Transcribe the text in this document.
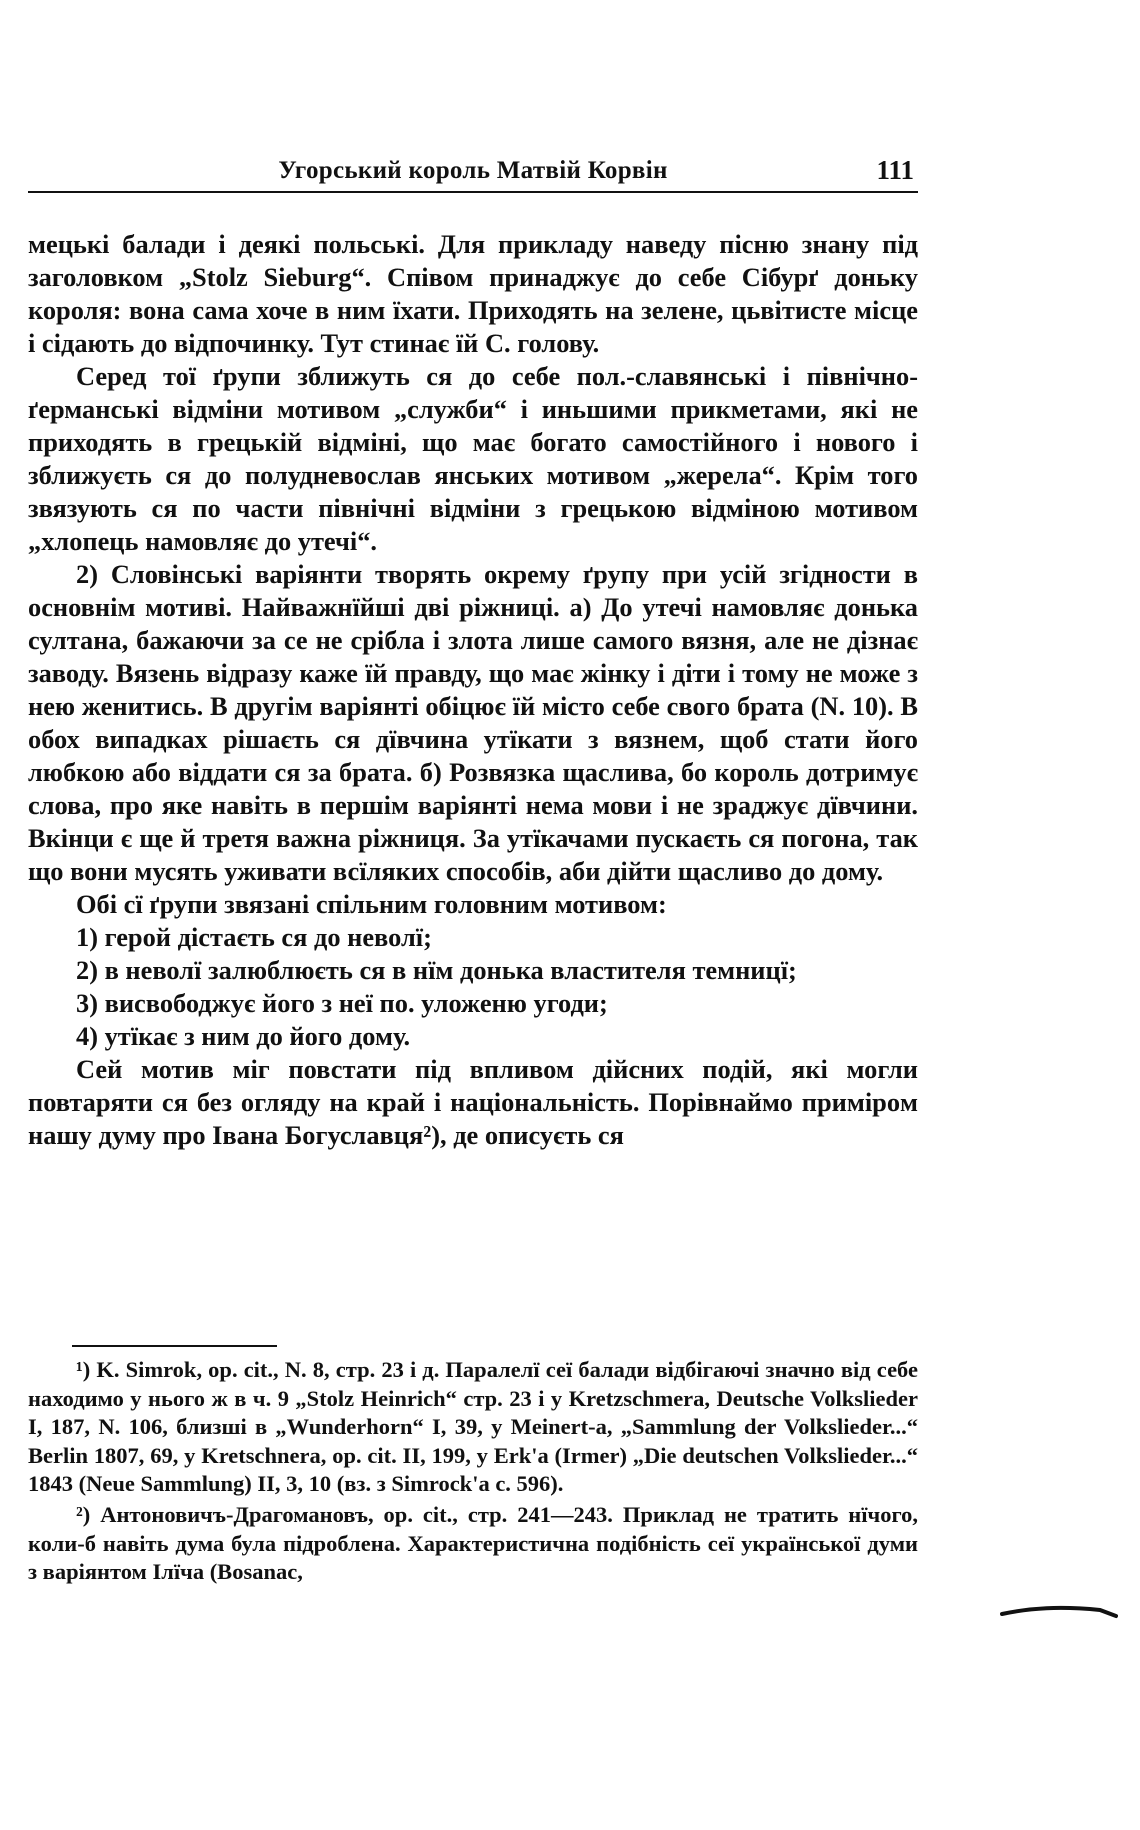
Угорський король Матвій Корвін	111

мецькі балади і деякі польські. Для прикладу наведу пісню знану під заголовком „Stolz Sieburg“. Співом принаджує до себе Сібурґ доньку короля: вона сама хоче в ним їхати. Приходять на зелене, цьвітисте місце і сідають до відпочинку. Тут стинає їй С. голову.

Серед тої ґрупи зближуть ся до себе пол.-славянські і північно-ґерманські відміни мотивом „служби“ і иньшими прикметами, які не приходять в грецькій відміні, що має богато самостійного і нового і зближуєть ся до полудневослав янських мотивом „жерела“. Крім того звязують ся по части північні відміни з грецькою відміною мотивом „хлопець намовляє до утечі“.

2) Словінські варіянти творять окрему ґрупу при усій згідности в основнім мотиві. Найважнїйші дві ріжниці. а) До утечі намовляє донька султана, бажаючи за се не срібла і злота лише самого вязня, але не дізнає заводу. Вязень відразу каже їй правду, що має жінку і діти і тому не може з нею женитись. В другім варіянті обіцює їй місто себе свого брата (N. 10). В обох випадках рішаєть ся дївчина утїкати з вязнем, щоб стати його любкою або віддати ся за брата. б) Розвязка щаслива, бо король дотримує слова, про яке навіть в першім варіянті нема мови і не зраджує дївчини. Вкінци є ще й третя важна ріжниця. За утїкачами пускаєть ся погона, так що вони мусять уживати всїляких способів, аби дійти щасливо до дому.

Обі сї ґрупи звязані спільним головним мотивом:

1) герой дістаєть ся до неволї;

2) в неволї залюблюєть ся в нїм донька властителя темницї;

3) висвободжує його з неї по. уложеню угоди;

4) утїкає з ним до його дому.

Сей мотив міг повстати під впливом дійсних подій, які могли повтаряти ся без огляду на край і національність. Порівнаймо примірoм нашу думу про Івана Богуславця²), де описуєть ся

¹) K. Simrok, op. cit., N. 8, стр. 23 і д. Паралелї сеї балади відбігаючі значно від себе находимо у нього ж в ч. 9 „Stolz Heinrich“ стр. 23 і у Kretzschmera, Deutsche Volkslieder I, 187, N. 106, близші в „Wunderhorn“ I, 39, у Meinert-a, „Sammlung der Volkslieder...“ Berlin 1807, 69, у Kretschnera, op. cit. II, 199, у Erk'a (Irmer) „Die deutschen Volkslieder...“ 1843 (Neue Sammlung) II, 3, 10 (вз. з Simrock'a с. 596).

²) Антоновичъ-Драгомановъ, op. cit., стр. 241—243. Приклад не тратить нїчого, коли-б навіть дума була підроблена. Характеристична подібність сеї української думи з варіянтом Ілїча (Bosanac,
